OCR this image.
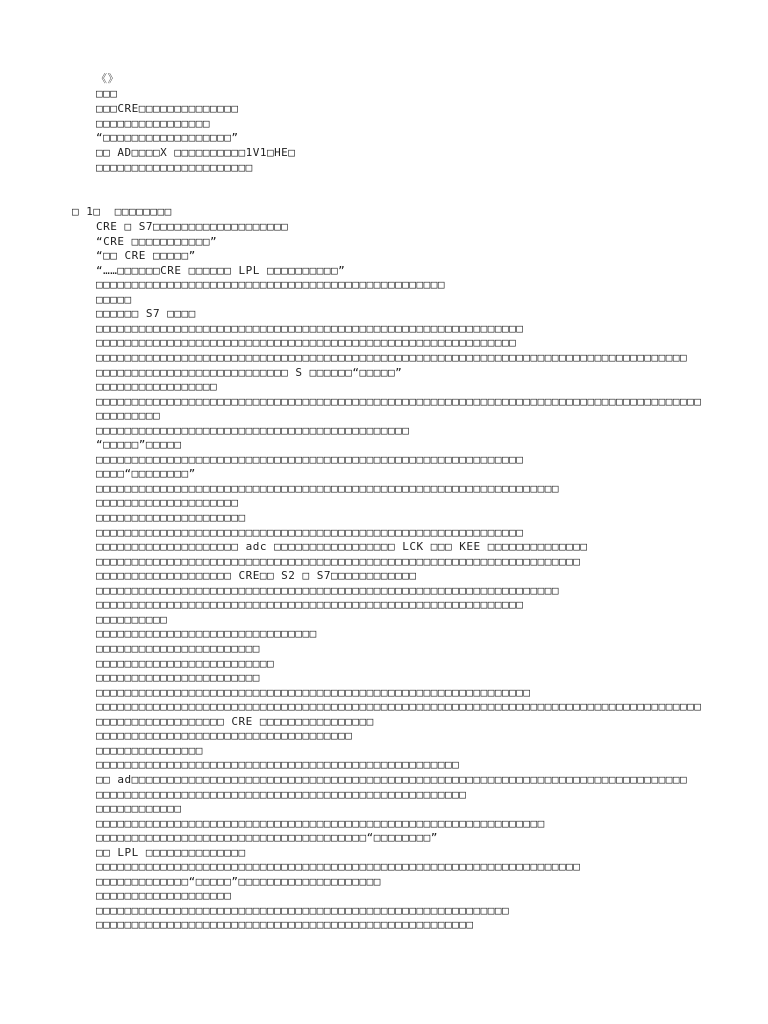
《》
□□□
□□□CRE□□□□□□□□□□□□□□
□□□□□□□□□□□□□□□□
“□□□□□□□□□□□□□□□□□□”
□□ AD□□□□X □□□□□□□□□□1V1□HE□
□□□□□□□□□□□□□□□□□□□□□□
□ 1□  □□□□□□□□
CRE □ S7□□□□□□□□□□□□□□□□□□□
“CRE □□□□□□□□□□□”
“□□ CRE □□□□□”
“……□□□□□□CRE □□□□□□ LPL □□□□□□□□□□”
□□□□□□□□□□□□□□□□□□□□□□□□□□□□□□□□□□□□□□□□□□□□□□□□□
□□□□□
□□□□□□ S7 □□□□
□□□□□□□□□□□□□□□□□□□□□□□□□□□□□□□□□□□□□□□□□□□□□□□□□□□□□□□□□□□□
□□□□□□□□□□□□□□□□□□□□□□□□□□□□□□□□□□□□□□□□□□□□□□□□□□□□□□□□□□□
□□□□□□□□□□□□□□□□□□□□□□□□□□□□□□□□□□□□□□□□□□□□□□□□□□□□□□□□□□□□□□□□□□□□□□□□□□□□□□□□□□□
□□□□□□□□□□□□□□□□□□□□□□□□□□□ S □□□□□□“□□□□□”
□□□□□□□□□□□□□□□□□
□□□□□□□□□□□□□□□□□□□□□□□□□□□□□□□□□□□□□□□□□□□□□□□□□□□□□□□□□□□□□□□□□□□□□□□□□□□□□□□□□□□□□
□□□□□□□□□
□□□□□□□□□□□□□□□□□□□□□□□□□□□□□□□□□□□□□□□□□□□□
“□□□□□”□□□□□
□□□□□□□□□□□□□□□□□□□□□□□□□□□□□□□□□□□□□□□□□□□□□□□□□□□□□□□□□□□□
□□□□“□□□□□□□□”
□□□□□□□□□□□□□□□□□□□□□□□□□□□□□□□□□□□□□□□□□□□□□□□□□□□□□□□□□□□□□□□□□
□□□□□□□□□□□□□□□□□□□□
□□□□□□□□□□□□□□□□□□□□□
□□□□□□□□□□□□□□□□□□□□□□□□□□□□□□□□□□□□□□□□□□□□□□□□□□□□□□□□□□□□
□□□□□□□□□□□□□□□□□□□□ adc □□□□□□□□□□□□□□□□□ LCK □□□ KEE □□□□□□□□□□□□□□
□□□□□□□□□□□□□□□□□□□□□□□□□□□□□□□□□□□□□□□□□□□□□□□□□□□□□□□□□□□□□□□□□□□□
□□□□□□□□□□□□□□□□□□□ CRE□□ S2 □ S7□□□□□□□□□□□□
□□□□□□□□□□□□□□□□□□□□□□□□□□□□□□□□□□□□□□□□□□□□□□□□□□□□□□□□□□□□□□□□□
□□□□□□□□□□□□□□□□□□□□□□□□□□□□□□□□□□□□□□□□□□□□□□□□□□□□□□□□□□□□
□□□□□□□□□□
□□□□□□□□□□□□□□□□□□□□□□□□□□□□□□□
□□□□□□□□□□□□□□□□□□□□□□□
□□□□□□□□□□□□□□□□□□□□□□□□□
□□□□□□□□□□□□□□□□□□□□□□□
□□□□□□□□□□□□□□□□□□□□□□□□□□□□□□□□□□□□□□□□□□□□□□□□□□□□□□□□□□□□□
□□□□□□□□□□□□□□□□□□□□□□□□□□□□□□□□□□□□□□□□□□□□□□□□□□□□□□□□□□□□□□□□□□□□□□□□□□□□□□□□□□□□□
□□□□□□□□□□□□□□□□□□ CRE □□□□□□□□□□□□□□□□
□□□□□□□□□□□□□□□□□□□□□□□□□□□□□□□□□□□□
□□□□□□□□□□□□□□□
□□□□□□□□□□□□□□□□□□□□□□□□□□□□□□□□□□□□□□□□□□□□□□□□□□□
□□ ad□□□□□□□□□□□□□□□□□□□□□□□□□□□□□□□□□□□□□□□□□□□□□□□□□□□□□□□□□□□□□□□□□□□□□□□□□□□□□□
□□□□□□□□□□□□□□□□□□□□□□□□□□□□□□□□□□□□□□□□□□□□□□□□□□□□
□□□□□□□□□□□□
□□□□□□□□□□□□□□□□□□□□□□□□□□□□□□□□□□□□□□□□□□□□□□□□□□□□□□□□□□□□□□□
□□□□□□□□□□□□□□□□□□□□□□□□□□□□□□□□□□□□□□“□□□□□□□□”
□□ LPL □□□□□□□□□□□□□□
□□□□□□□□□□□□□□□□□□□□□□□□□□□□□□□□□□□□□□□□□□□□□□□□□□□□□□□□□□□□□□□□□□□□
□□□□□□□□□□□□□“□□□□□”□□□□□□□□□□□□□□□□□□□□
□□□□□□□□□□□□□□□□□□□
□□□□□□□□□□□□□□□□□□□□□□□□□□□□□□□□□□□□□□□□□□□□□□□□□□□□□□□□□□
□□□□□□□□□□□□□□□□□□□□□□□□□□□□□□□□□□□□□□□□□□□□□□□□□□□□□
